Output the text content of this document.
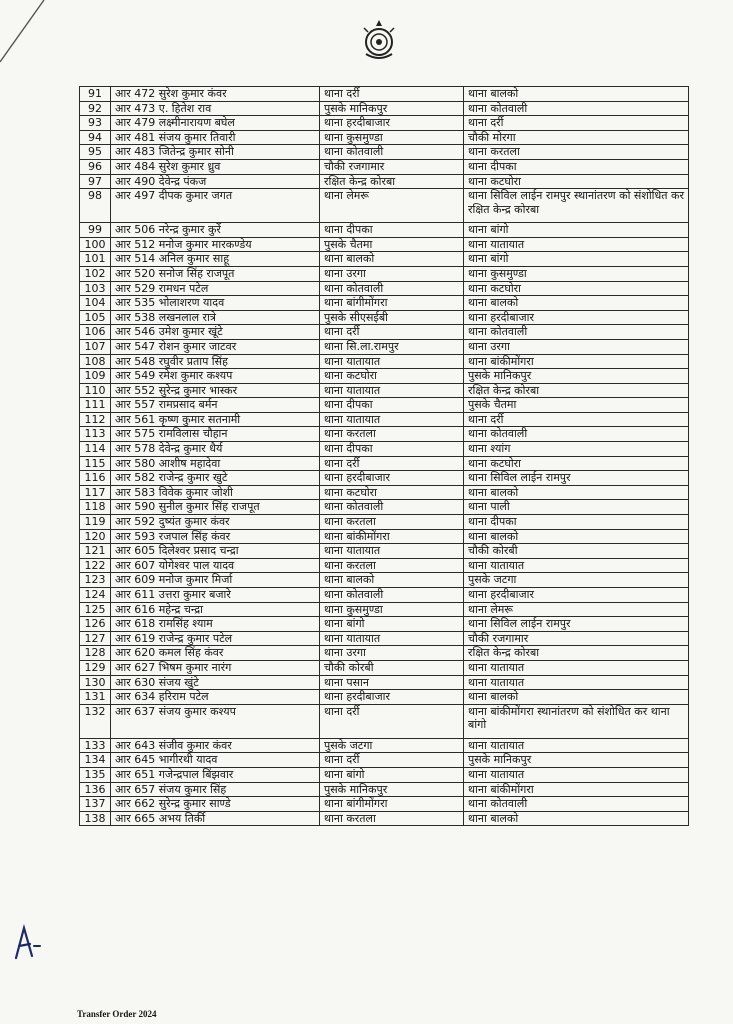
91	आर 472 सुरेश कुमार कंवर	थाना दर्री	थाना बालको
92	आर 473 ए. हितेश राव	पुसके मानिकपुर	थाना कोतवाली
93	आर 479 लक्ष्मीनारायण बघेल	थाना हरदीबाजार	थाना दर्री
94	आर 481 संजय कुमार तिवारी	थाना कुसमुण्डा	चौकी मोरगा
95	आर 483 जितेन्द्र कुमार सोनी	थाना कोतवाली	थाना करतला
96	आर 484 सुरेश कुमार ध्रुव	चौकी रजगामार	थाना दीपका
97	आर 490 देवेन्द्र पंकज	रक्षित केन्द्र कोरबा	थाना कटघोरा
98	आर 497 दीपक कुमार जगत	थाना लेमरू	थाना सिविल लाईन रामपुर स्थानांतरण को संशोधित कर रक्षित केन्द्र कोरबा
99	आर 506 नरेन्द्र कुमार कुर्रे	थाना दीपका	थाना बांगो
100	आर 512 मनोज कुमार मारकण्डेय	पुसके चैतमा	थाना यातायात
101	आर 514 अनिल कुमार साहू	थाना बालको	थाना बांगो
102	आर 520 सनोज सिंह राजपूत	थाना उरगा	थाना कुसमुण्डा
103	आर 529 रामधन पटेल	थाना कोतवाली	थाना कटघोरा
104	आर 535 भोलाशरण यादव	थाना बांगीमोंगरा	थाना बालको
105	आर 538 लखनलाल रात्रे	पुसके सीएसईबी	थाना हरदीबाजार
106	आर 546 उमेश कुमार खूंटे	थाना दर्री	थाना कोतवाली
107	आर 547 रोशन कुमार जाटवर	थाना सि.ला.रामपुर	थाना उरगा
108	आर 548 रघुवीर प्रताप सिंह	थाना यातायात	थाना बांकीमोंगरा
109	आर 549 रमेश कुमार कश्यप	थाना कटघोरा	पुसके मानिकपुर
110	आर 552 सुरेन्द्र कुमार भास्कर	थाना यातायात	रक्षित केन्द्र कोरबा
111	आर 557 रामप्रसाद बर्मन	थाना दीपका	पुसके चैतमा
112	आर 561 कृष्ण कुमार सतनामी	थाना यातायात	थाना दर्री
113	आर 575 रामविलास चौहान	थाना करतला	थाना कोतवाली
114	आर 578 देवेन्द्र कुमार धैर्य	थाना दीपका	थाना श्यांग
115	आर 580 आशीष महादेवा	थाना दर्री	थाना कटघोरा
116	आर 582 राजेन्द्र कुमार खुटे	थाना हरदीबाजार	थाना सिविल लाईन रामपुर
117	आर 583 विवेक कुमार जोशी	थाना कटघोरा	थाना बालको
118	आर 590 सुनील कुमार सिंह राजपूत	थाना कोतवाली	थाना पाली
119	आर 592 दुष्यंत कुमार कंवर	थाना करतला	थाना दीपका
120	आर 593 रजपाल सिंह कंवर	थाना बांकीमोंगरा	थाना बालको
121	आर 605 दिलेश्वर प्रसाद चन्द्रा	थाना यातायात	चौकी कोरबी
122	आर 607 योगेश्वर पाल यादव	थाना करतला	थाना यातायात
123	आर 609 मनोज कुमार मिर्जा	थाना बालको	पुसके जटगा
124	आर 611 उत्तरा कुमार बजारे	थाना कोतवाली	थाना हरदीबाजार
125	आर 616 महेन्द्र चन्द्रा	थाना कुसमुण्डा	थाना लेमरू
126	आर 618 रामसिंह श्याम	थाना बांगो	थाना सिविल लाईन रामपुर
127	आर 619 राजेन्द्र कुमार पटेल	थाना यातायात	चौकी रजगामार
128	आर 620 कमल सिंह कंवर	थाना उरगा	रक्षित केन्द्र कोरबा
129	आर 627 भिषम कुमार नारंग	चौकी कोरबी	थाना यातायात
130	आर 630 संजय खुंटे	थाना पसान	थाना यातायात
131	आर 634 हरिराम पटेल	थाना हरदीबाजार	थाना बालको
132	आर 637 संजय कुमार कश्यप	थाना दर्री	थाना बांकीमोंगरा स्थानांतरण को संशोधित कर थाना बांगो
133	आर 643 संजीव कुमार कंवर	पुसके जटगा	थाना यातायात
134	आर 645 भागीरथी यादव	थाना दर्री	पुसके मानिकपुर
135	आर 651 गजेन्द्रपाल बिंझवार	थाना बांगो	थाना यातायात
136	आर 657 संजय कुमार सिंह	पुसके मानिकपुर	थाना बांकीमोंगरा
137	आर 662 सुरेन्द्र कुमार साण्डे	थाना बांगीमोंगरा	थाना कोतवाली
138	आर 665 अभय तिर्की	थाना करतला	थाना बालको
Transfer Order 2024
